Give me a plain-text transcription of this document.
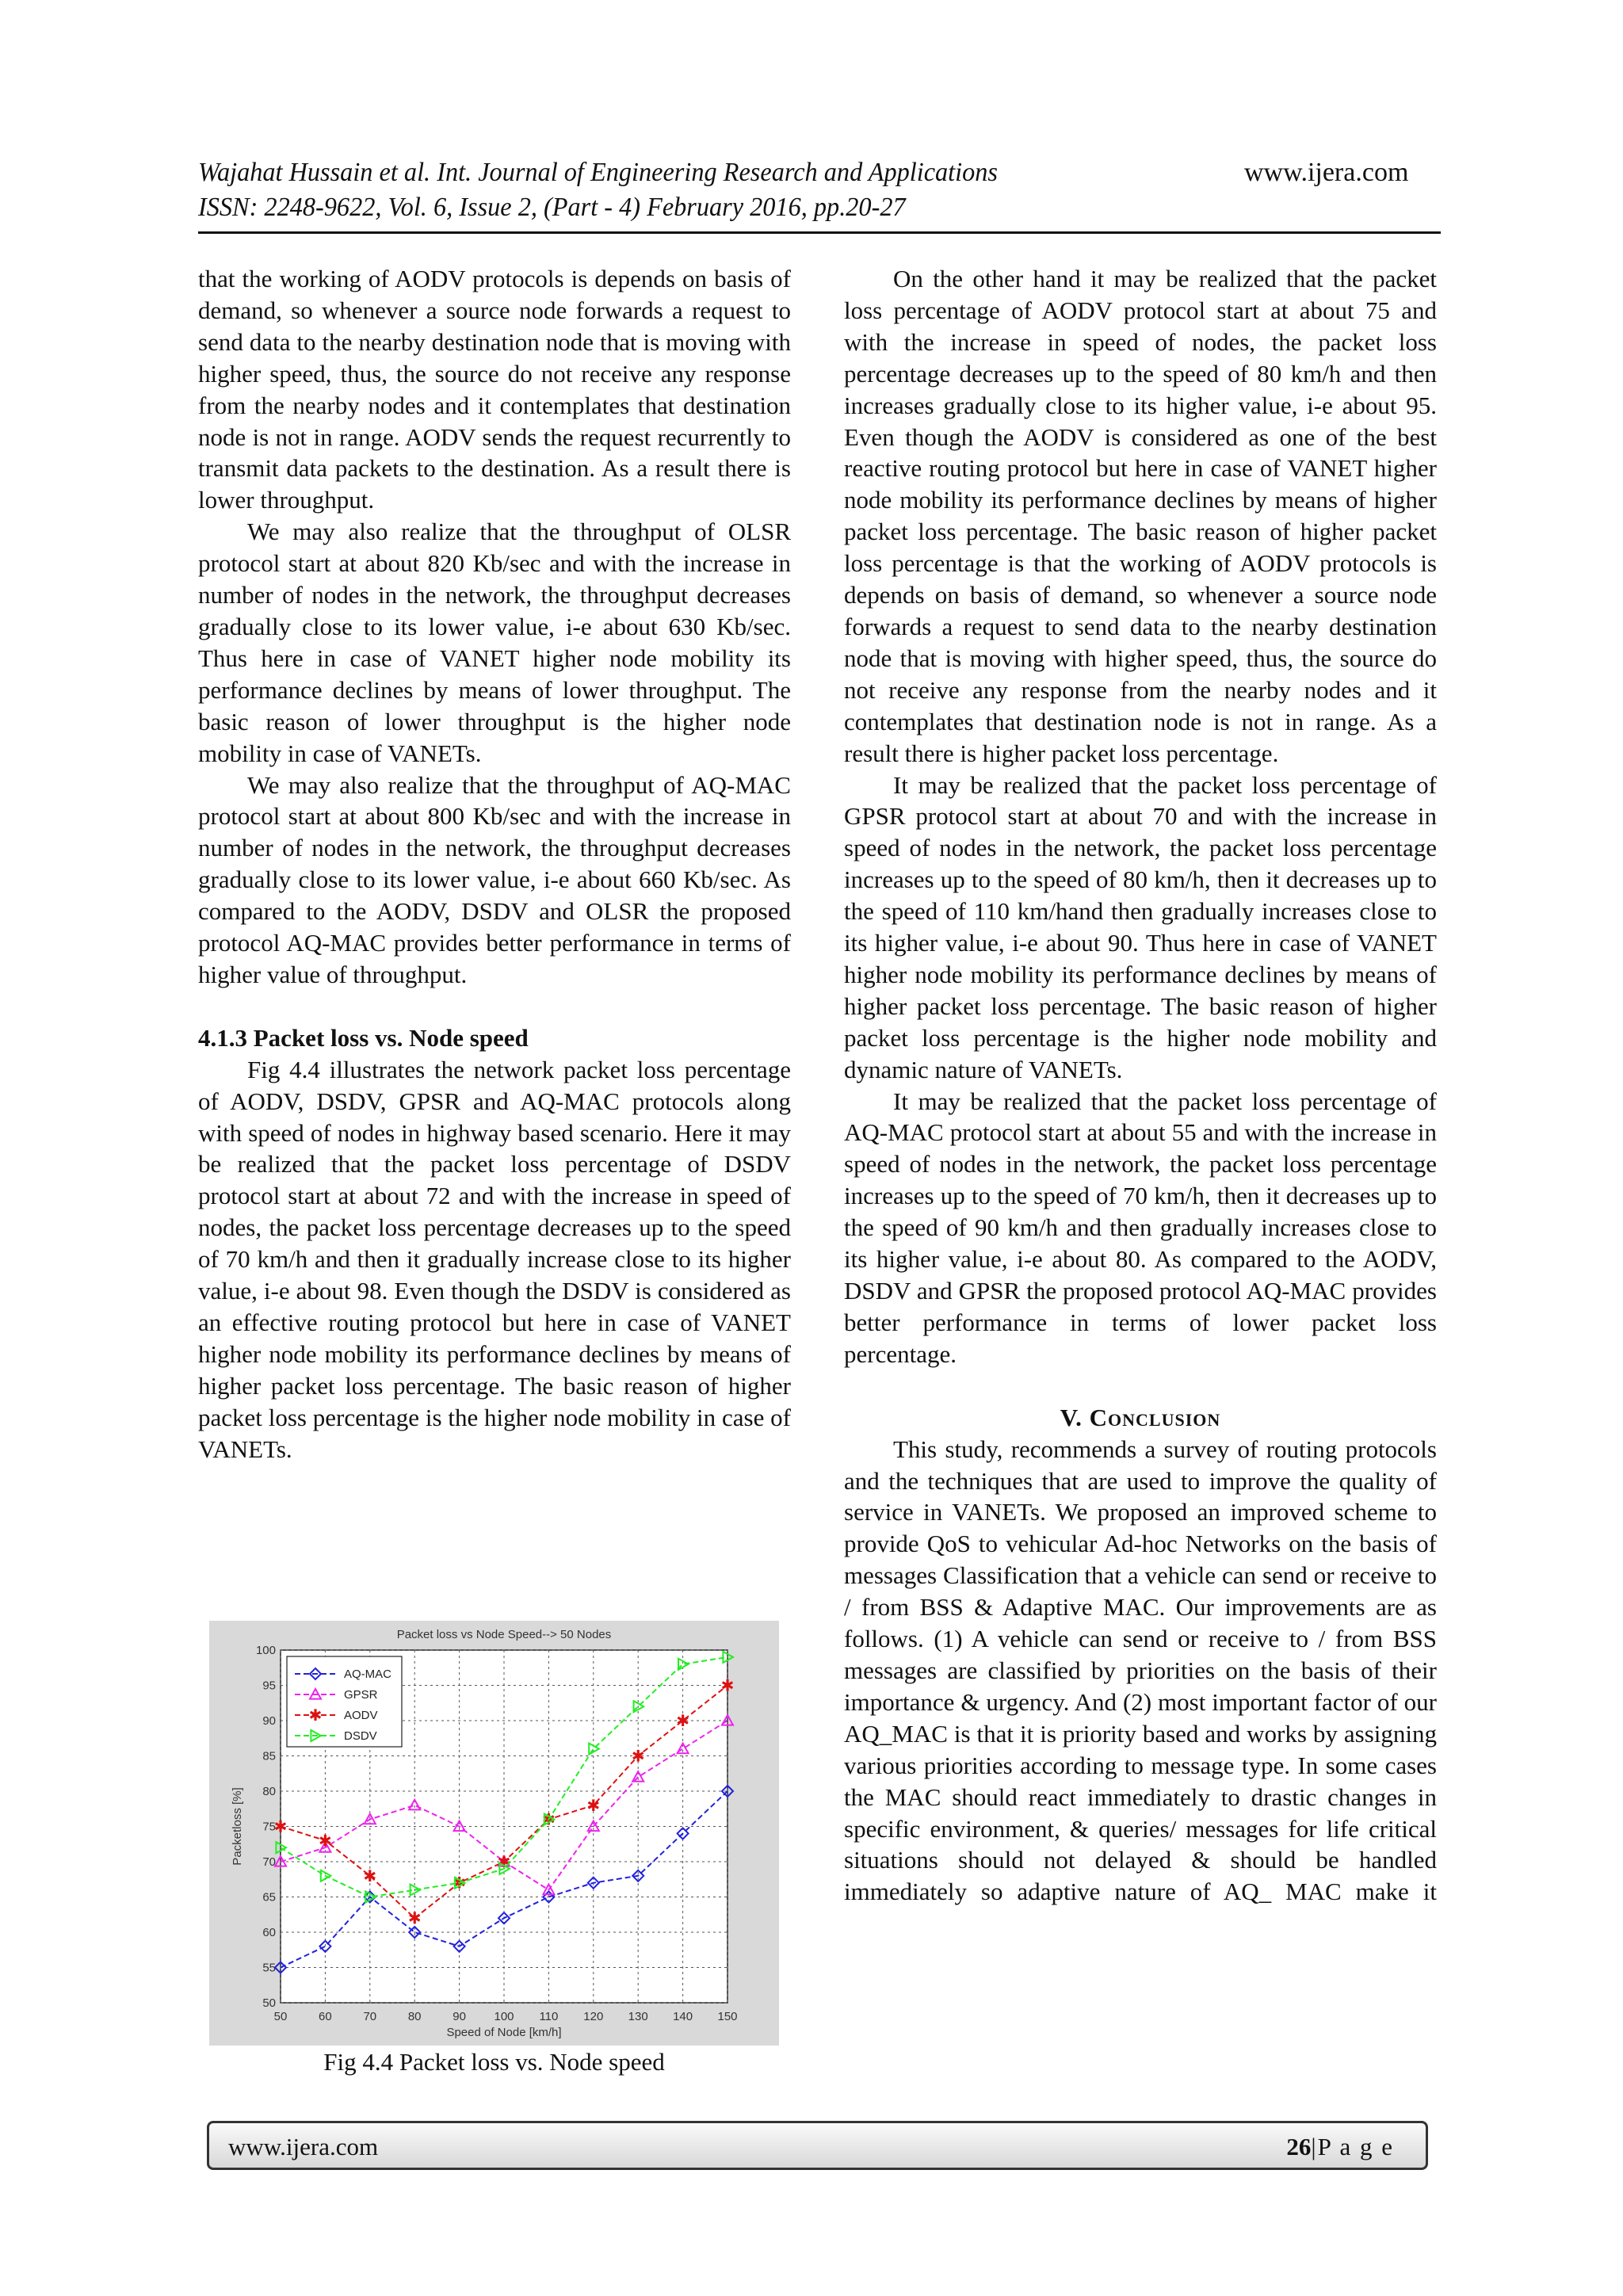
Wajahat Hussain et al. Int. Journal of Engineering Research and Applications	www.ijera.com
ISSN: 2248-9622, Vol. 6, Issue 2, (Part - 4) February 2016, pp.20-27

that the working of AODV protocols is depends on basis of demand, so whenever a source node forwards a request to send data to the nearby destination node that is moving with higher speed, thus, the source do not receive any response from the nearby nodes and it contemplates that destination node is not in range. AODV sends the request recurrently to transmit data packets to the destination. As a result there is lower throughput.

We may also realize that the throughput of OLSR protocol start at about 820 Kb/sec and with the increase in number of nodes in the network, the throughput decreases gradually close to its lower value, i-e about 630 Kb/sec. Thus here in case of VANET higher node mobility its performance declines by means of lower throughput. The basic reason of lower throughput is the higher node mobility in case of VANETs.

We may also realize that the throughput of AQ-MAC protocol start at about 800 Kb/sec and with the increase in number of nodes in the network, the throughput decreases gradually close to its lower value, i-e about 660 Kb/sec. As compared to the AODV, DSDV and OLSR the proposed protocol AQ-MAC provides better performance in terms of higher value of throughput.

4.1.3 Packet loss vs. Node speed

Fig 4.4 illustrates the network packet loss percentage of AODV, DSDV, GPSR and AQ-MAC protocols along with speed of nodes in highway based scenario. Here it may be realized that the packet loss percentage of DSDV protocol start at about 72 and with the increase in speed of nodes, the packet loss percentage decreases up to the speed of 70 km/h and then it gradually increase close to its higher value, i-e about 98. Even though the DSDV is considered as an effective routing protocol but here in case of VANET higher node mobility its performance declines by means of higher packet loss percentage. The basic reason of higher packet loss percentage is the higher node mobility in case of VANETs.

On the other hand it may be realized that the packet loss percentage of AODV protocol start at about 75 and with the increase in speed of nodes, the packet loss percentage decreases up to the speed of 80 km/h and then increases gradually close to its higher value, i-e about 95. Even though the AODV is considered as one of the best reactive routing protocol but here in case of VANET higher node mobility its performance declines by means of higher packet loss percentage. The basic reason of higher packet loss percentage is that the working of AODV protocols is depends on basis of demand, so whenever a source node forwards a request to send data to the nearby destination node that is moving with higher speed, thus, the source do not receive any response from the nearby nodes and it contemplates that destination node is not in range. As a result there is higher packet loss percentage.

It may be realized that the packet loss percentage of GPSR protocol start at about 70 and with the increase in speed of nodes in the network, the packet loss percentage increases up to the speed of 80 km/h, then it decreases up to the speed of 110 km/hand then gradually increases close to its higher value, i-e about 90. Thus here in case of VANET higher node mobility its performance declines by means of higher packet loss percentage. The basic reason of higher packet loss percentage is the higher node mobility and dynamic nature of VANETs.

It may be realized that the packet loss percentage of AQ-MAC protocol start at about 55 and with the increase in speed of nodes in the network, the packet loss percentage increases up to the speed of 70 km/h, then it decreases up to the speed of 90 km/h and then gradually increases close to its higher value, i-e about 80. As compared to the AODV, DSDV and GPSR the proposed protocol AQ-MAC provides better performance in terms of lower packet loss percentage.

V. Conclusion

This study, recommends a survey of routing protocols and the techniques that are used to improve the quality of service in VANETs. We proposed an improved scheme to provide QoS to vehicular Ad-hoc Networks on the basis of messages Classification that a vehicle can send or receive to / from BSS & Adaptive MAC. Our improvements are as follows. (1) A vehicle can send or receive to / from BSS messages are classified by priorities on the basis of their importance & urgency. And (2) most important factor of our AQ_MAC is that it is priority based and works by assigning various priorities according to message type. In some cases the MAC should react immediately to drastic changes in specific environment, & queries/ messages for life critical situations should not delayed & should be handled immediately so adaptive nature of AQ_ MAC make it

50	60	70	80	90 100 110 120 130 140 150
50
55
60
65
70
75
80
85
90
95
100
Packet loss vs Node Speed--> 50 Nodes
Speed of Node [km/h]
Packetloss [%] ✱
✱
✱
✱
✱
✱
✱
✱
✱
✱
✱
AQ-MAC
GPSR
✱ AODV
DSDV
Fig 4.4 Packet loss vs. Node speed
www.ijera.com	26|P a g e
